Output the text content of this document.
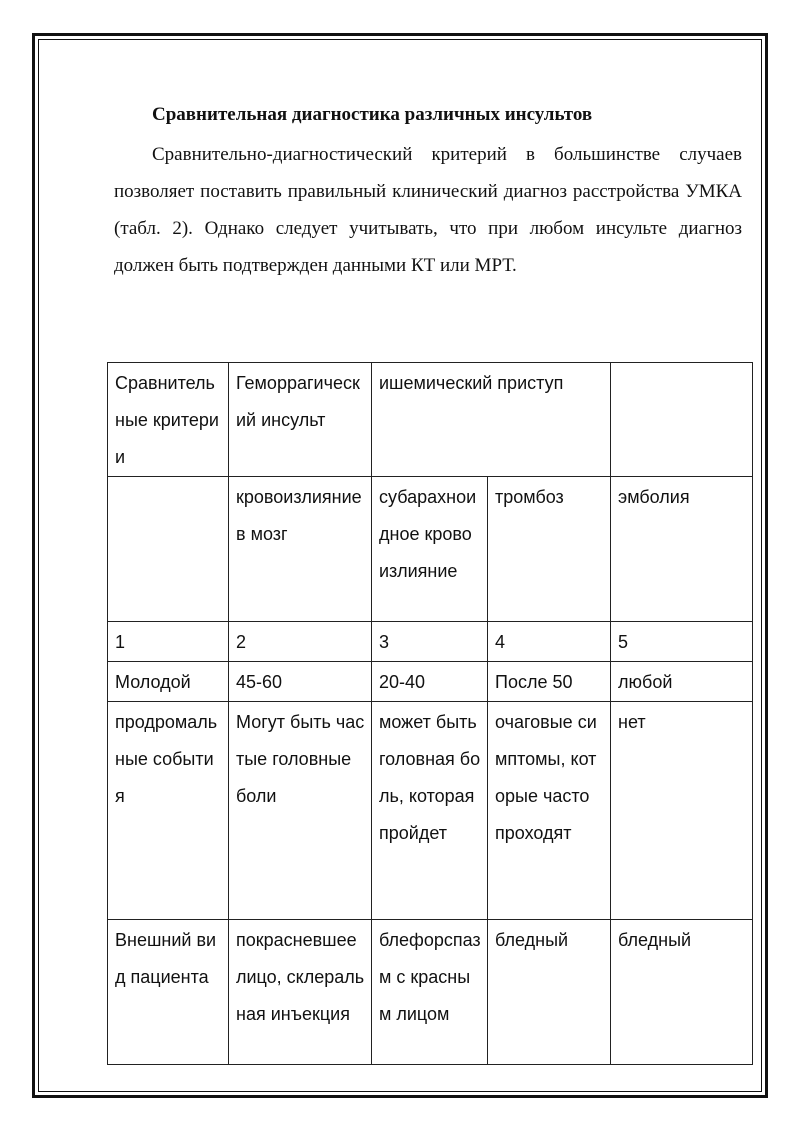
Сравнительная диагностика различных инсультов
Сравнительно-диагностический критерий в большинстве случаев позволяет поставить правильный клинический диагноз расстройства УМКА (табл. 2). Однако следует учитывать, что при любом инсульте диагноз должен быть подтвержден данными КТ или МРТ.
Сравнительные критерии	Геморрагический инсульт	ишемический приступ		
	кровоизлияние в мозг	субарахноидное кровоизлияние	тромбоз	эмболия
1	2	3	4	5
Молодой	45-60	20-40	После 50	любой
продромальные события	Могут быть частые головные боли	может быть головная боль, которая пройдет	очаговые симптомы, которые часто проходят	нет
Внешний вид пациента	покрасневшее лицо, склеральная инъекция	блефорспазм с красным лицом	бледный	бледный
